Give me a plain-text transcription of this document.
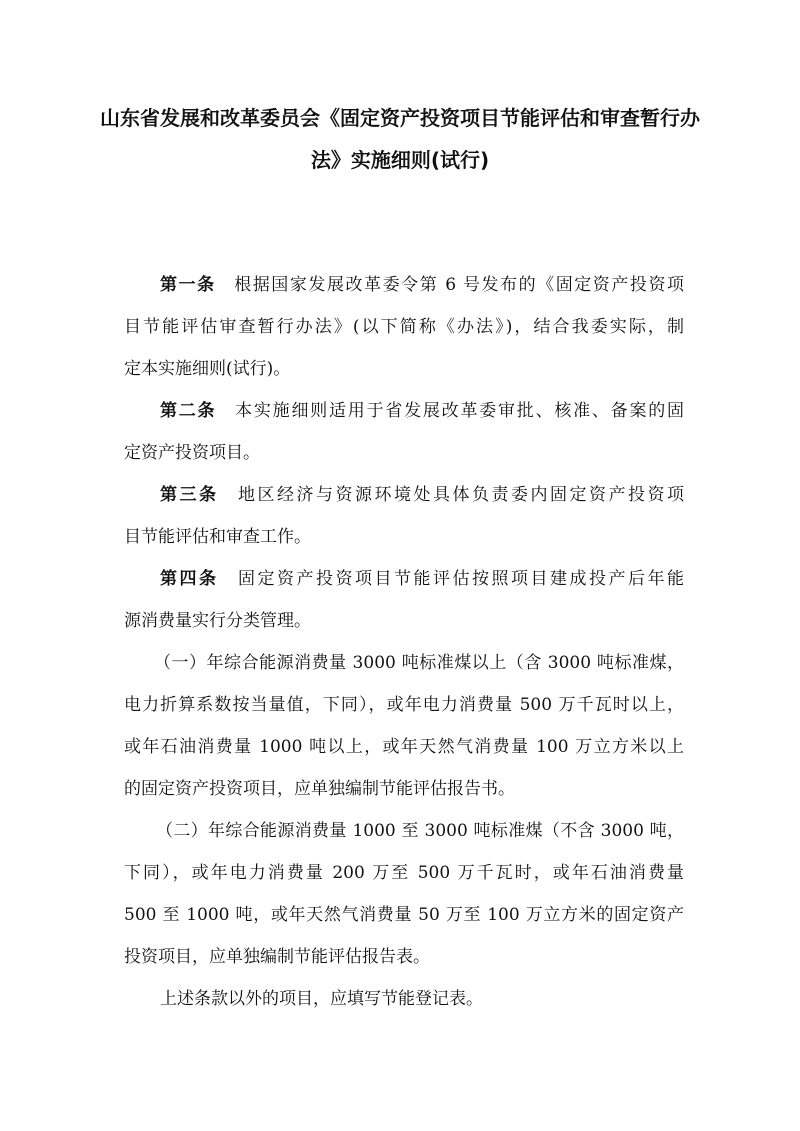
山东省发展和改革委员会《固定资产投资项目节能评估和审查暂行办
法》实施细则(试行)
第一条  根据国家发展改革委令第 6 号发布的《固定资产投资项
目节能评估审查暂行办法》(以下简称《办法》)，结合我委实际，制
定本实施细则(试行)。
第二条  本实施细则适用于省发展改革委审批、核准、备案的固
定资产投资项目。
第三条  地区经济与资源环境处具体负责委内固定资产投资项
目节能评估和审查工作。
第四条  固定资产投资项目节能评估按照项目建成投产后年能
源消费量实行分类管理。
（一）年综合能源消费量 3000 吨标准煤以上（含 3000 吨标准煤，
电力折算系数按当量值，下同），或年电力消费量 500 万千瓦时以上，
或年石油消费量 1000 吨以上，或年天然气消费量 100 万立方米以上
的固定资产投资项目，应单独编制节能评估报告书。
（二）年综合能源消费量 1000 至 3000 吨标准煤（不含 3000 吨，
下同），或年电力消费量 200 万至 500 万千瓦时，或年石油消费量
500 至 1000 吨，或年天然气消费量 50 万至 100 万立方米的固定资产
投资项目，应单独编制节能评估报告表。
上述条款以外的项目，应填写节能登记表。
